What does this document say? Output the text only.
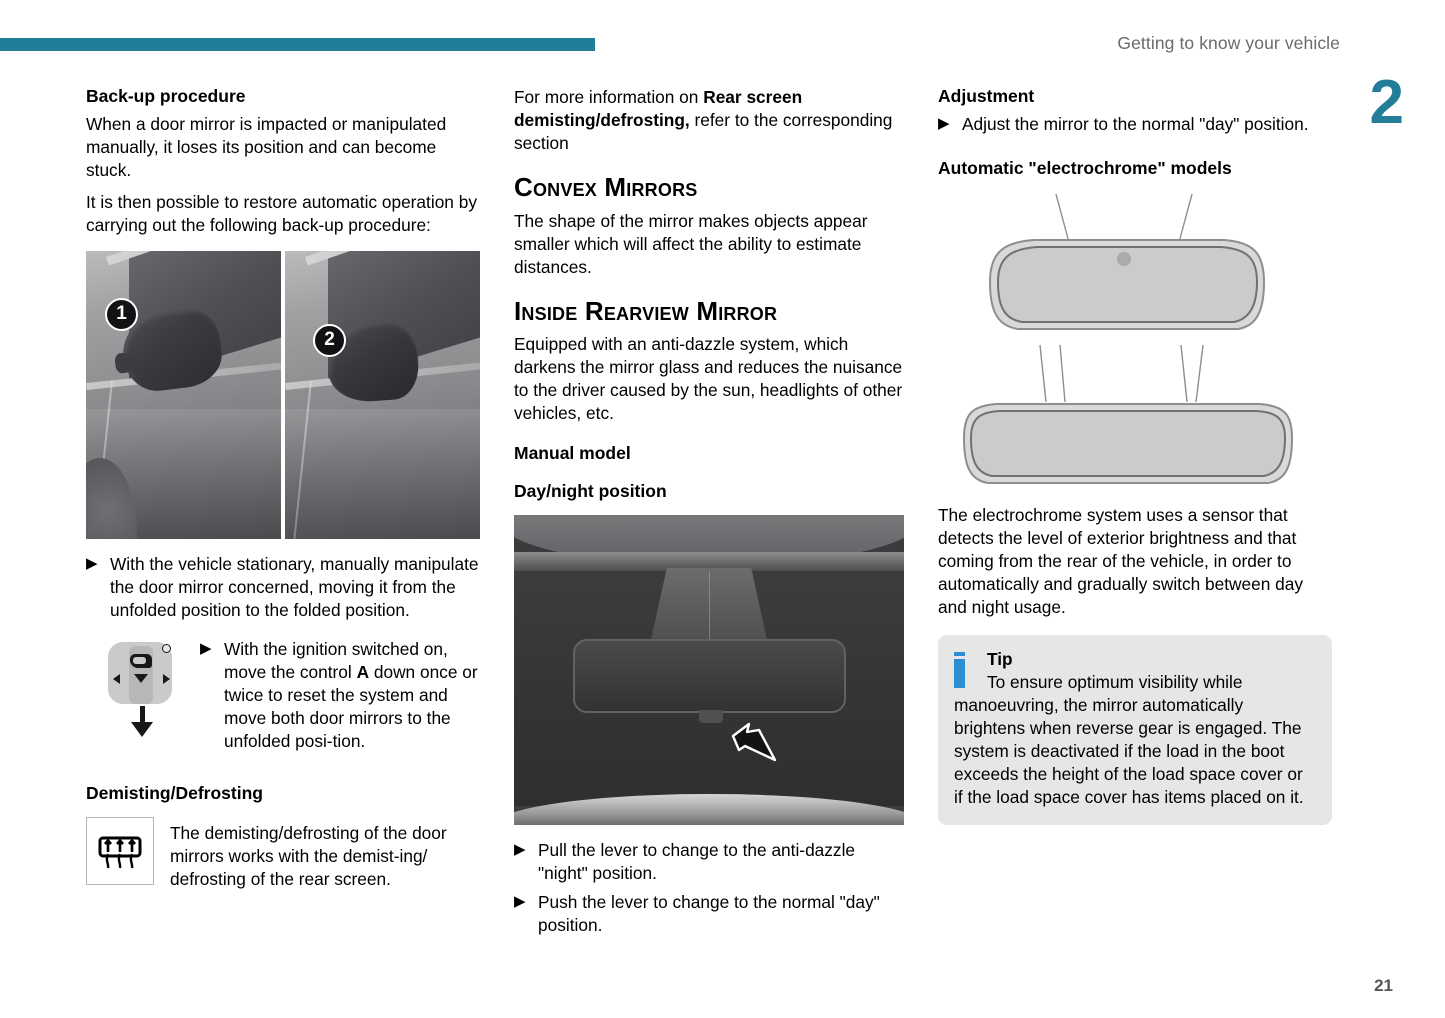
Getting to know your vehicle
2
21
Back-up procedure

When a door mirror is impacted or manipulated manually, it loses its position and can become stuck.

It is then possible to restore automatic operation by carrying out the following back-up procedure:

1
2
▶ With the vehicle stationary, manually manipulate the door mirror concerned, moving it from the unfolded position to the folded position.
▶ With the ignition switched on, move the control A down once or twice to reset the system and move both door mirrors to the unfolded posi-tion.
Demisting/Defrosting
The demisting/defrosting of the door mirrors works with the demist-ing/ defrosting of the rear screen.

For more information on Rear screen demisting/defrosting, refer to the corresponding section

Convex Mirrors

The shape of the mirror makes objects appear smaller which will affect the ability to estimate distances.

Inside Rearview Mirror

Equipped with an anti-dazzle system, which darkens the mirror glass and reduces the nuisance to the driver caused by the sun, headlights of other vehicles, etc.

Manual model
Day/night position
▶ Pull the lever to change to the anti-dazzle "night" position.
▶ Push the lever to change to the normal "day" position.
Adjustment
▶ Adjust the mirror to the normal "day" position.
Automatic "electrochrome" models

The electrochrome system uses a sensor that detects the level of exterior brightness and that coming from the rear of the vehicle, in order to automatically and gradually switch between day and night usage.

Tip
To ensure optimum visibility while manoeuvring, the mirror automatically brightens when reverse gear is engaged. The system is deactivated if the load in the boot exceeds the height of the load space cover or if the load space cover has items placed on it.
